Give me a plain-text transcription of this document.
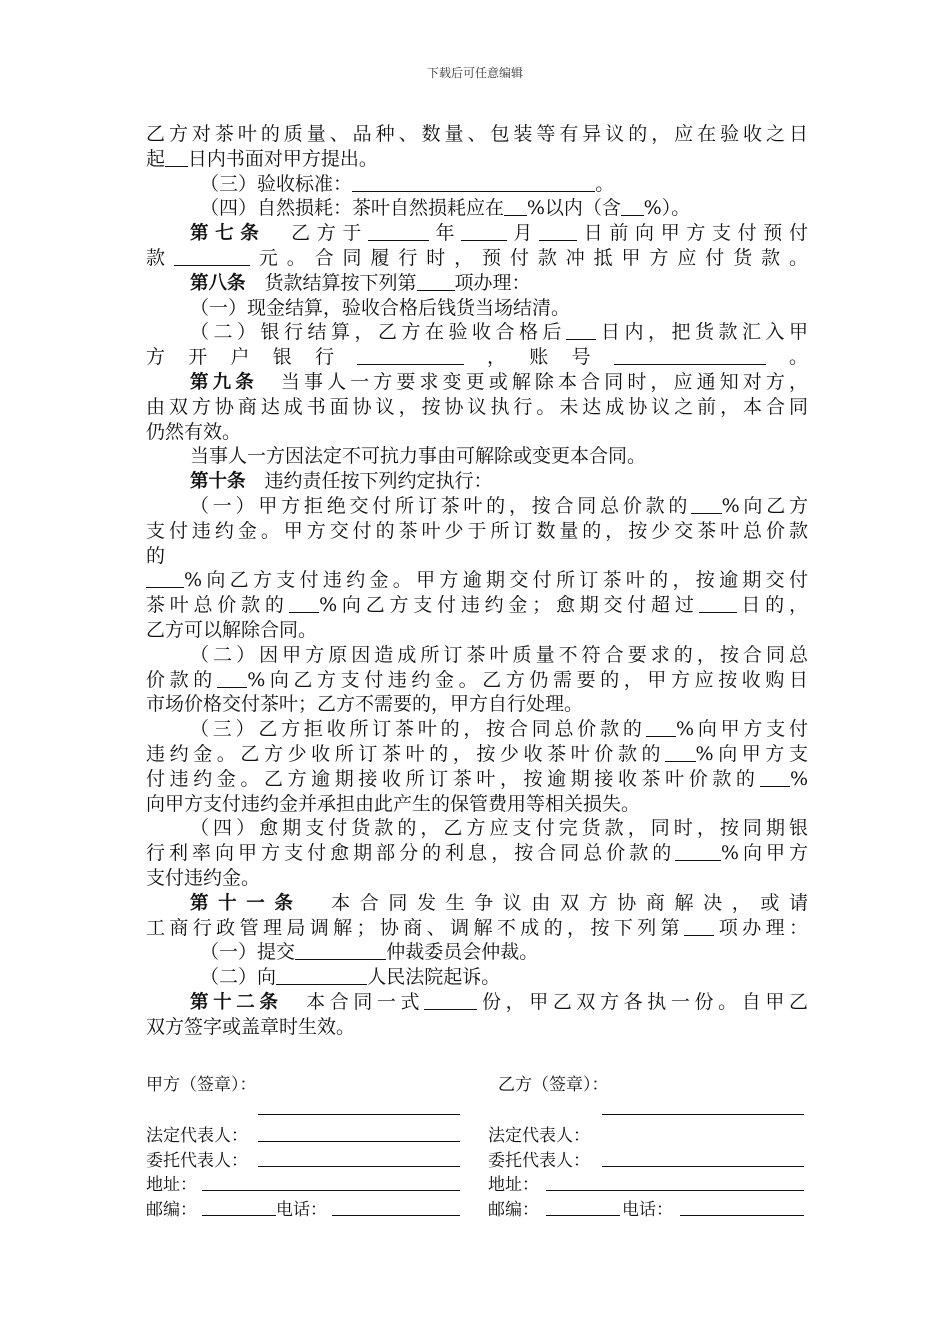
下载后可任意编辑
乙方对茶叶的质量、品种、数量、包装等有异议的，应在验收之日
起 日内书面对甲方提出。
（三）验收标准：	。
（四）自然损耗：茶叶自然损耗应在 %以内（含 %）。
第七条　乙方于	年 月 日前向甲方支付预付
款	元。合同履行时，预付款冲抵甲方应付货款。
第八条　货款结算按下列第 项办理：
（一）现金结算，验收合格后钱货当场结清。
（二）银行结算，乙方在验收合格后 日内，把货款汇入甲
方开户银行	，账号	。
第九条　当事人一方要求变更或解除本合同时，应通知对方，
由双方协商达成书面协议，按协议执行。未达成协议之前，本合同
仍然有效。
当事人一方因法定不可抗力事由可解除或变更本合同。
第十条　违约责任按下列约定执行：
（一）甲方拒绝交付所订茶叶的，按合同总价款的 %向乙方
支付违约金。甲方交付的茶叶少于所订数量的，按少交茶叶总价款
的
%向乙方支付违约金。甲方逾期交付所订茶叶的，按逾期交付
茶叶总价款的 %向乙方支付违约金；愈期交付超过 日的，
乙方可以解除合同。
（二）因甲方原因造成所订茶叶质量不符合要求的，按合同总
价款的 %向乙方支付违约金。乙方仍需要的，甲方应按收购日
市场价格交付茶叶；乙方不需要的，甲方自行处理。
（三）乙方拒收所订茶叶的，按合同总价款的 %向甲方支付
违约金。乙方少收所订茶叶的，按少收茶叶价款的 %向甲方支
付违约金。乙方逾期接收所订茶叶，按逾期接收茶叶价款的 %
向甲方支付违约金并承担由此产生的保管费用等相关损失。
（四）愈期支付货款的，乙方应支付完货款，同时，按同期银
行利率向甲方支付愈期部分的利息，按合同总价款的 %向甲方
支付违约金。
第十一条　本合同发生争议由双方协商解决，或请
工商行政管理局调解；协商、调解不成的，按下列第 项办理：
（一）提交	仲裁委员会仲裁。
（二）向	人民法院起诉。
第十二条　本合同一式	份，甲乙双方各执一份。自甲乙
双方签字或盖章时生效。
甲方（签章）：	乙方（签章）：
法定代表人：	法定代表人：
委托代表人：	委托代表人：
地址：	地址：
邮编：	电话：	邮编：	电话：
